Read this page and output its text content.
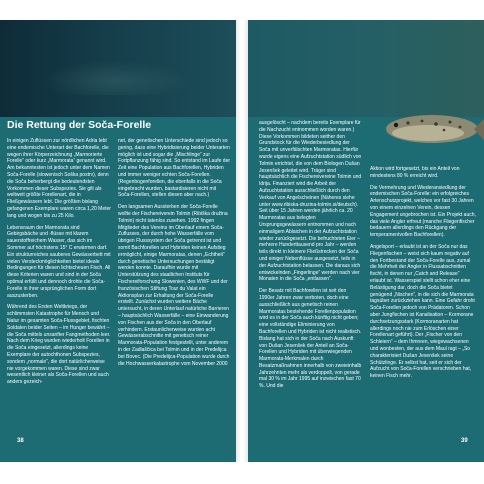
Die Rettung der Soča-Forelle

In einigen Zuflüssen zur nördlichen Adria lebt eine endemische Unterart der Bachforelle, die wegen ihrer Körperzeichnung „Marmorierte Forelle“ oder kurz „Marmorata“ genannt wird. Am bekanntesten ist jedoch unter dem Namen Soča-Forelle (slowenisch Soška postrv), denn die Soča beherbergt die bedeutendsten Vorkommen dieser Subspezies. Sie gilt als weltweit größte Forellenart, die in Fließgewässern lebt. Die größten bislang gefangenen Exemplare waren circa 1,20 Meter lang und wogen bis zu 25 Kilo.

Lebensraum der Marmorata sind Gebirgsbäche und -flüsse mit klarem sauerstoffreichem Wasser, das sich im Sommer auf höchstens 15° C erwärmen darf. Ein strukturreiches sauberes Gewässerbett mit vielen Versteckmöglichkeiten bietet ideale Bedingungen für diesen lichtscheuen Fisch. All diese Kriterien waren und sind in der Soča optimal erfüllt und dennoch drohte die Soča-Forelle in ihrer ursprünglichen Form dort auszusterben.

Während des Ersten Weltkriegs, der schlimmsten Katastrophe für Mensch und Natur im gesamten Soča-Flussgebiet, fischten Soldaten beider Seiten – im Hunger bewährt – die Soča mittels unsanfter Fangmethoden leer. Nach dem Krieg wurden wiederholt Forellen in die Soča eingesetzt, allerdings keine Exemplare der autochthonen Subspezies, sondern „normale“, die dort natürlicherweise nie vorgekommen waren. Diese sind zwar wesentlich kleiner als Soča-Forellen und auch anders gezeich-

net, der genetischen Unterschiede sind jedoch so gering, dass eine Hybridisierung beider Unterarten möglich ist und sogar die „Mischlinge“ zur Fortpflanzung fähig sind. So entstand im Laufe der Zeit eine Population aus Bachforellen, Hybriden und immer weniger echten Soča-Forellen. (Regenbogenforellen, die ebenfalls in die Soča eingebracht wurden, bastardisieren nicht mit Soča-Forellen, stellen diesen aber nach.)

Den langsamen Aussterben der Soča-Forelle wollte der Fischereiverein Tolmin (Ribiška družina Tolmin) nicht tatenlos zusehen. 1992 fingen Mitglieder des Vereins im Oberlauf einem Soča-Zuflusses, der durch hohe Wasserfälle vom übrigen Flusssystem der Soča getrennt ist und somit Bachforellen und Hybriden keinen Aufstieg ermöglicht, einige Marmoratas, denen „Echtheit“ durch genetische Untersuchungen bestätigt werden konnte. Daraufhin wurde mit Unterstützung des staatlichen Instituts für Fischereiforschung Slowenien, des WWF und der französischen Stiftung Tour du Valat ein Aktionsplan zur Erhaltung der Soča-Forelle erstellt. Zunächst wurden weitere Bäche untersucht, in deren Unterlauf natürliche Barrieren – hauptsächlich Wasserfälle – eine Einwanderung von Fischen aus der Soča in den Oberlauf verhindern. Erstaunlicherweise wurden acht Gewässerabschnitte mit genetisch reiner Marmorata-Population festgestellt, unter anderem in der Zadlaščica bei Tolmin und in der Predelijca bei Bovec. (Die Predelijca-Population wurde durch die Hochwasserkatastrophe vom November 2000

38

ausgelöscht – nachdem bereits Exemplare für die Nachzucht entnommen worden waren.) Diese Vorkommen bildeten seither den Grundstock für die Wiederbesiedlung der Soča mit unverfälschten Marmoratas. Hierfür wurde eigens eine Aufzuchtstation südlich von Tolmin errichtet, die von dem Biologen Dušan Jesenšek geleitet wird. Träger sind hauptsächlich die Fischereivereine Tolmin und Idrija. Finanziert wird die Arbeit der Aufzuchtstation ausschließlich durch den Verkauf von Angelscheinen (Näheres siehe unter www.ribiska-druzina-tolmin.si/deutsch). Seit über 15 Jahren werden jährlich ca. 20 Marmoratas aus belegten Ursprungsgewässern entnommen und nach einmaligem Ablaichen in der Aufzuchtstation wieder zurückgesetzt. Die befruchteten Eier – mehrere Hunderttausend pro Jahr – werden teils direkt in kleinere Fließstrecken der Soča und einiger Nebenflüsse ausgesetzt, teils in der Aufzuchtstation belassen. Die daraus sich entwickelnden „Fingerlinge“ werden nach vier Monaten in die Soča „entlassen“.

Der Besatz mit Bachforellen ist seit den 1990er Jahren zwar verboten, doch eine ausschließlich aus genetisch reinen Marmoratas bestehende Forellenpopulation wird es in der Soča auch künftig nicht geben; eine vollständige Eliminierung von Bachforellen und Hybriden ist nicht realistisch. Bislang hat sich in der Soča nach Auskunft von Dušan Jesenšek der Anteil an Soča-Forellen und Hybriden mit überwiegenden Marmorata-Merkmalen durch Besatzmaßnahmen innerhalb von zweieinhalb Jahrzehnten mehr als verdoppelt, von gerade mal 30 % im Jahr 1995 auf inzwischen fast 70 %. Und die

Aktion wird fortgesetzt, bis ein Anteil von mindestens 80 % erreicht wird.

Die Vermehrung und Wiederansiedlung der endemischen Soča-Forelle: ein erfolgreiches Artenschutzprojekt, welches vor fast 30 Jahren von einem einzelnen Verein, dessen Engagement ungebrochen ist. Ein Projekt auch, das viele Angler erfreut (manche Fliegenfischer bedauern allerdings den Rückgang der temperamentvollen Bachforellen).

Angelsport – erlaubt ist an der Soča nur das Fliegenfischen – weist sich kaum negativ auf den Fortbestand der Soča-Forelle aus, zumal die Mehrheit der Angler in Flussabschnitten fischt, in denen nur „Catch and Release“ erlaubt ist. Wasserspiel stellt schon eher eine Belästigung dar, doch die Soča bietet genügend „Nischen“, in die sich die Marmorata tagsüber zurückziehen kann. Eine Gefahr droht Soča-Forellen jedoch von Prädatoren. Schon aber Jungfischen ist Kanalisation – Kormorane durchsetzungsstark (Kormoranarten hat allerdings noch nie zum Erlöschen einer Forellenart geführt). Der „Fischer von den Schleiern“ – dem Ihmreen, wiegewachsenen und wonbesten, der aus dem Maul ragt – „So charakterisiert Dušan Jesenšek seine Schützlinge. Er selbst hat, seit er sich der Aufzucht von Soča-Forellen verschrieben hat, keinen Fisch mehr.

39
